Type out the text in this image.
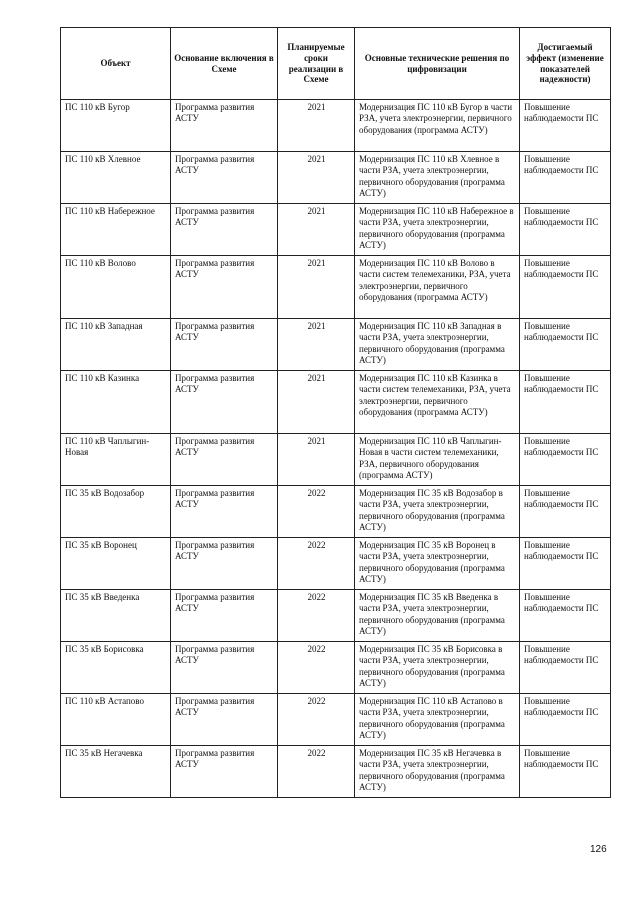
Объект	Основание включения в Схеме	Планируемые сроки реализации в Схеме	Основные технические решения по цифровизации	Достигаемый эффект (изменение показателей надежности)
ПС 110 кВ Бугор	Программа развития АСТУ	2021	Модернизация ПС 110 кВ Бугор в части РЗА, учета электроэнергии, первичного оборудования (программа АСТУ)	Повышение наблюдаемости ПС
ПС 110 кВ Хлевное	Программа развития АСТУ	2021	Модернизация ПС 110 кВ Хлевное в части РЗА, учета электроэнергии, первичного оборудования (программа АСТУ)	Повышение наблюдаемости ПС
ПС 110 кВ Набережное	Программа развития АСТУ	2021	Модернизация ПС 110 кВ Набережное в части РЗА, учета электроэнергии, первичного оборудования (программа АСТУ)	Повышение наблюдаемости ПС
ПС 110 кВ Волово	Программа развития АСТУ	2021	Модернизация ПС 110 кВ Волово в части систем телемеханики, РЗА, учета электроэнергии, первичного оборудования (программа АСТУ)	Повышение наблюдаемости ПС
ПС 110 кВ Западная	Программа развития АСТУ	2021	Модернизация ПС 110 кВ Западная в части РЗА, учета электроэнергии, первичного оборудования (программа АСТУ)	Повышение наблюдаемости ПС
ПС 110 кВ Казинка	Программа развития АСТУ	2021	Модернизация ПС 110 кВ Казинка в части систем телемеханики, РЗА, учета электроэнергии, первичного оборудования (программа АСТУ)	Повышение наблюдаемости ПС
ПС 110 кВ Чаплыгин-Новая	Программа развития АСТУ	2021	Модернизация ПС 110 кВ Чаплыгин-Новая в части систем телемеханики, РЗА, первичного оборудования (программа АСТУ)	Повышение наблюдаемости ПС
ПС 35 кВ Водозабор	Программа развития АСТУ	2022	Модернизация ПС 35 кВ Водозабор в части РЗА, учета электроэнергии, первичного оборудования (программа АСТУ)	Повышение наблюдаемости ПС
ПС 35 кВ Воронец	Программа развития АСТУ	2022	Модернизация ПС 35 кВ Воронец в части РЗА, учета электроэнергии, первичного оборудования (программа АСТУ)	Повышение наблюдаемости ПС
ПС 35 кВ Введенка	Программа развития АСТУ	2022	Модернизация ПС 35 кВ Введенка в части РЗА, учета электроэнергии, первичного оборудования (программа АСТУ)	Повышение наблюдаемости ПС
ПС 35 кВ Борисовка	Программа развития АСТУ	2022	Модернизация ПС 35 кВ Борисовка в части РЗА, учета электроэнергии, первичного оборудования (программа АСТУ)	Повышение наблюдаемости ПС
ПС 110 кВ Астапово	Программа развития АСТУ	2022	Модернизация ПС 110 кВ Астапово в части РЗА, учета электроэнергии, первичного оборудования (программа АСТУ)	Повышение наблюдаемости ПС
ПС 35 кВ Негачевка	Программа развития АСТУ	2022	Модернизация ПС 35 кВ Негачевка в части РЗА, учета электроэнергии, первичного оборудования (программа АСТУ)	Повышение наблюдаемости ПС
126
